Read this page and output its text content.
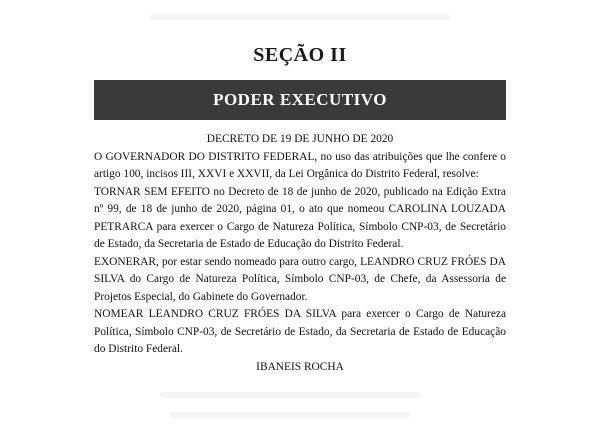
SEÇÃO II
PODER EXECUTIVO

DECRETO DE 19 DE JUNHO DE 2020

O GOVERNADOR DO DISTRITO FEDERAL, no uso das atribuições que lhe confere o artigo 100, incisos III, XXVI e XXVII, da Lei Orgânica do Distrito Federal, resolve:

TORNAR SEM EFEITO no Decreto de 18 de junho de 2020, publicado na Edição Extra nº 99, de 18 de junho de 2020, página 01, o ato que nomeou CAROLINA LOUZADA PETRARCA para exercer o Cargo de Natureza Política, Símbolo CNP-03, de Secretário de Estado, da Secretaria de Estado de Educação do Distrito Federal.

EXONERAR, por estar sendo nomeado para outro cargo, LEANDRO CRUZ FRÓES DA SILVA do Cargo de Natureza Política, Símbolo CNP-03, de Chefe, da Assessoria de Projetos Especial, do Gabinete do Governador.

NOMEAR LEANDRO CRUZ FRÓES DA SILVA para exercer o Cargo de Natureza Política, Símbolo CNP-03, de Secretário de Estado, da Secretaria de Estado de Educação do Distrito Federal.

IBANEIS ROCHA
